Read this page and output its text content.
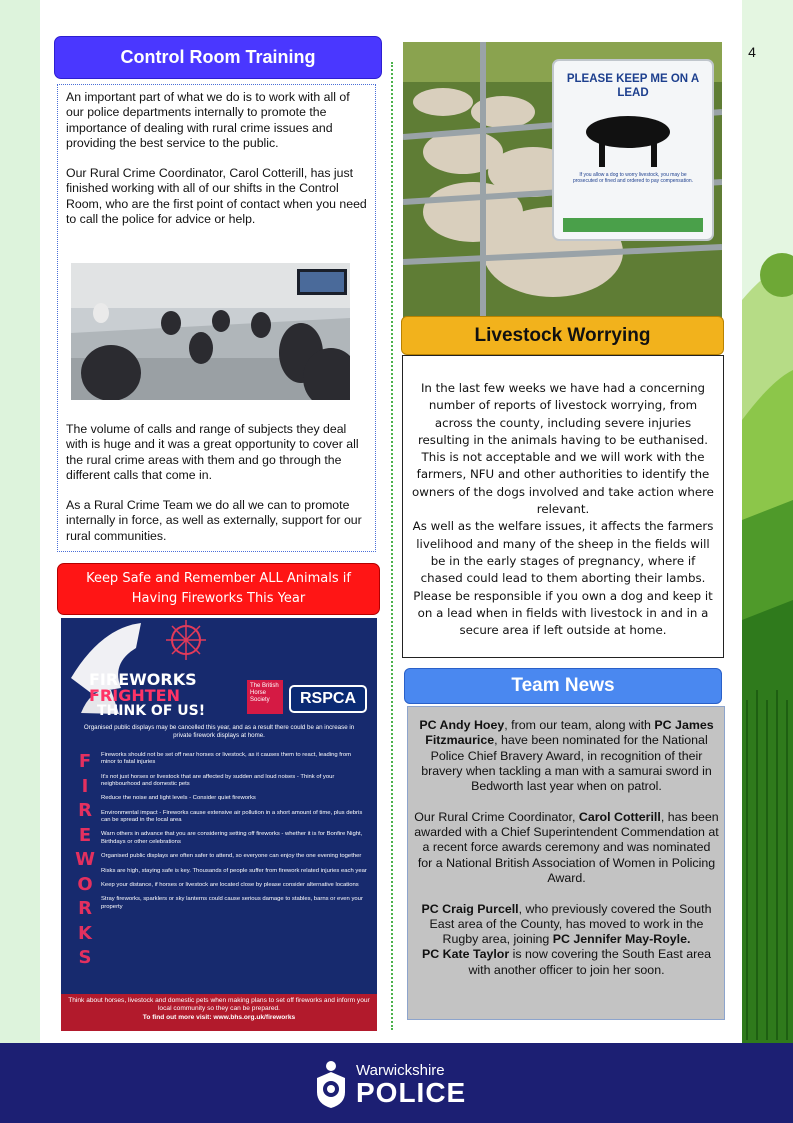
4
Control Room Training

An important part of what we do is to work with all of our police departments internally to promote the importance of dealing with rural crime issues and providing the best service to the public.

Our Rural Crime Coordinator, Carol Cotterill, has just finished working with all of our shifts in the Control Room, who are the first point of contact when you need to call the police for advice or help.

The volume of calls and range of subjects they deal with is huge and it was a great opportunity to cover all the rural crime areas with them and go through the different calls that come in.

As a Rural Crime Team we do all we can to promote internally in force, as well as externally, support for our rural communities.

Keep Safe and Remember ALL Animals if Having Fireworks This Year
FIREWORKS
FRIGHTEN
THINK OF US!
The British Horse Society	RSPCA
Organised public displays may be cancelled this year, and as a result there could be an increase in private firework displays at home.
F
I
R
E
W
O
R
K
S
Fireworks should not be set off near horses or livestock, as it causes them to react, leading from minor to fatal injuries
It's not just horses or livestock that are affected by sudden and loud noises - Think of your neighbourhood and domestic pets
Reduce the noise and light levels - Consider quiet fireworks
Environmental impact - Fireworks cause extensive air pollution in a short amount of time, plus debris can be spread in the local area
Warn others in advance that you are considering setting off fireworks - whether it is for Bonfire Night, Birthdays or other celebrations
Organised public displays are often safer to attend, so everyone can enjoy the one evening together
Risks are high, staying safe is key. Thousands of people suffer from firework related injuries each year
Keep your distance, if horses or livestock are located close by please consider alternative locations
Stray fireworks, sparklers or sky lanterns could cause serious damage to stables, barns or even your property
Think about horses, livestock and domestic pets when making plans to set off fireworks and inform your local community so they can be prepared.
To find out more visit: www.bhs.org.uk/fireworks
PLEASE KEEP ME ON A LEAD
If you allow a dog to worry livestock, you may be prosecuted or fined and ordered to pay compensation.
Livestock Worrying

In the last few weeks we have had a concerning number of reports of livestock worrying, from across the county, including severe injuries resulting in the animals having to be euthanised.

This is not acceptable and we will work with the farmers, NFU and other authorities to identify the owners of the dogs involved and take action where relevant.

As well as the welfare issues, it affects the farmers livelihood and many of the sheep in the fields will be in the early stages of pregnancy, where if chased could lead to them aborting their lambs.

Please be responsible if you own a dog and keep it on a lead when in fields with livestock in and in a secure area if left outside at home.

Team News

PC Andy Hoey, from our team, along with PC James Fitzmaurice, have been nominated for the National Police Chief Bravery Award, in recognition of their bravery when tackling a man with a samurai sword in Bedworth last year when on patrol.

Our Rural Crime Coordinator, Carol Cotterill, has been awarded with a Chief Superintendent Commendation at a recent force awards ceremony and was nominated for a National British Association of Women in Policing Award.

PC Craig Purcell, who previously covered the South East area of the County, has moved to work in the Rugby area, joining PC Jennifer May-Royle.

PC Kate Taylor is now covering the South East area with another officer to join her soon.

Warwickshire
POLICE
